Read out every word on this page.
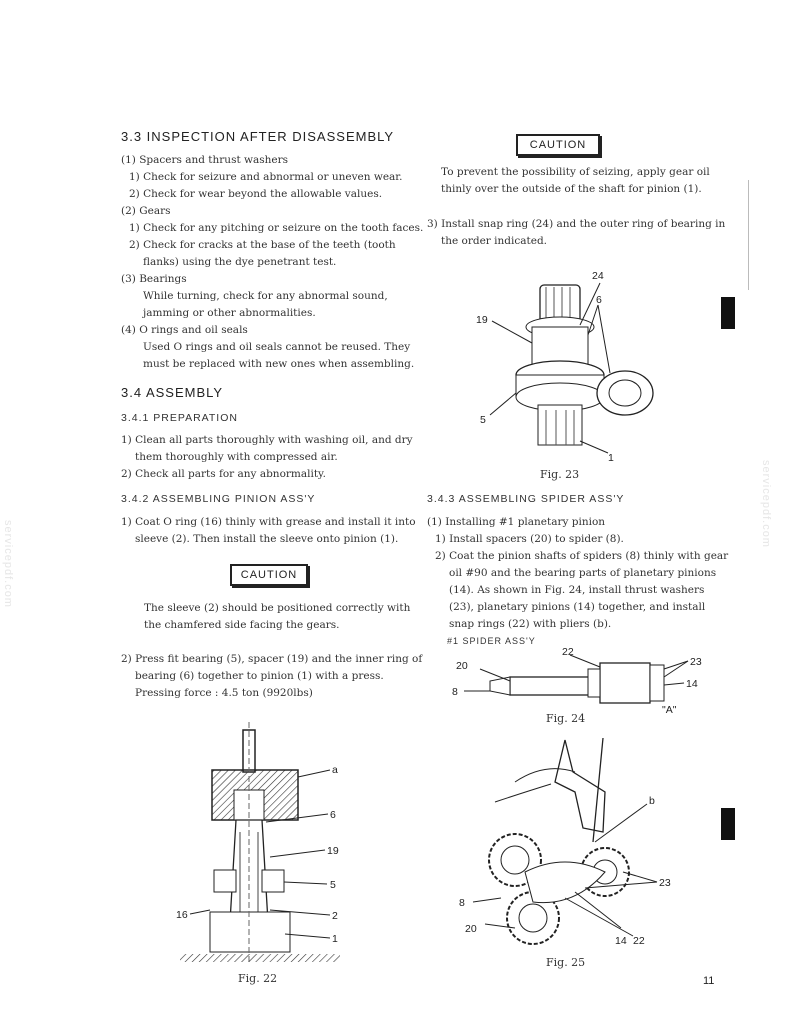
3.3 INSPECTION AFTER DISASSEMBLY
(1) Spacers and thrust washers
1) Check for seizure and abnormal or uneven wear.
2) Check for wear beyond the allowable values.
(2) Gears
1) Check for any pitching or seizure on the tooth faces.
2) Check for cracks at the base of the teeth (tooth
flanks) using the dye penetrant test.
(3) Bearings
While turning, check for any abnormal sound,
jamming or other abnormalities.
(4) O rings and oil seals
Used O rings and oil seals cannot be reused. They
must be replaced with new ones when assembling.
3.4 ASSEMBLY
3.4.1 PREPARATION
1) Clean all parts thoroughly with washing oil, and dry
them thoroughly with compressed air.
2) Check all parts for any abnormality.
3.4.2 ASSEMBLING PINION ASS'Y
1) Coat O ring (16) thinly with grease and install it into
sleeve (2). Then install the sleeve onto pinion (1).
CAUTION
The sleeve (2) should be positioned correctly with
the chamfered side facing the gears.
2) Press fit bearing (5), spacer (19) and the inner ring of
bearing (6) together to pinion (1) with a press.
Pressing force : 4.5 ton (9920lbs)
a
6
19
5
16	2
1
Fig. 22
CAUTION
To prevent the possibility of seizing, apply gear oil
thinly over the outside of the shaft for pinion (1).
3) Install snap ring (24) and the outer ring of bearing in
the order indicated.
24
6
19
5
1
Fig. 23
3.4.3 ASSEMBLING SPIDER ASS'Y
(1) Installing #1 planetary pinion
1) Install spacers (20) to spider (8).
2) Coat the pinion shafts of spiders (8) thinly with gear
oil #90 and the bearing parts of planetary pinions
(14). As shown in Fig. 24, install thrust washers
(23), planetary pinions (14) together, and install
snap rings (22) with pliers (b).
#1 SPIDER ASS'Y
22
23
20
14
8
"A"
Fig. 24
b
23
8
20
14 22
Fig. 25
11
servicepdf.com
servicepdf.com
